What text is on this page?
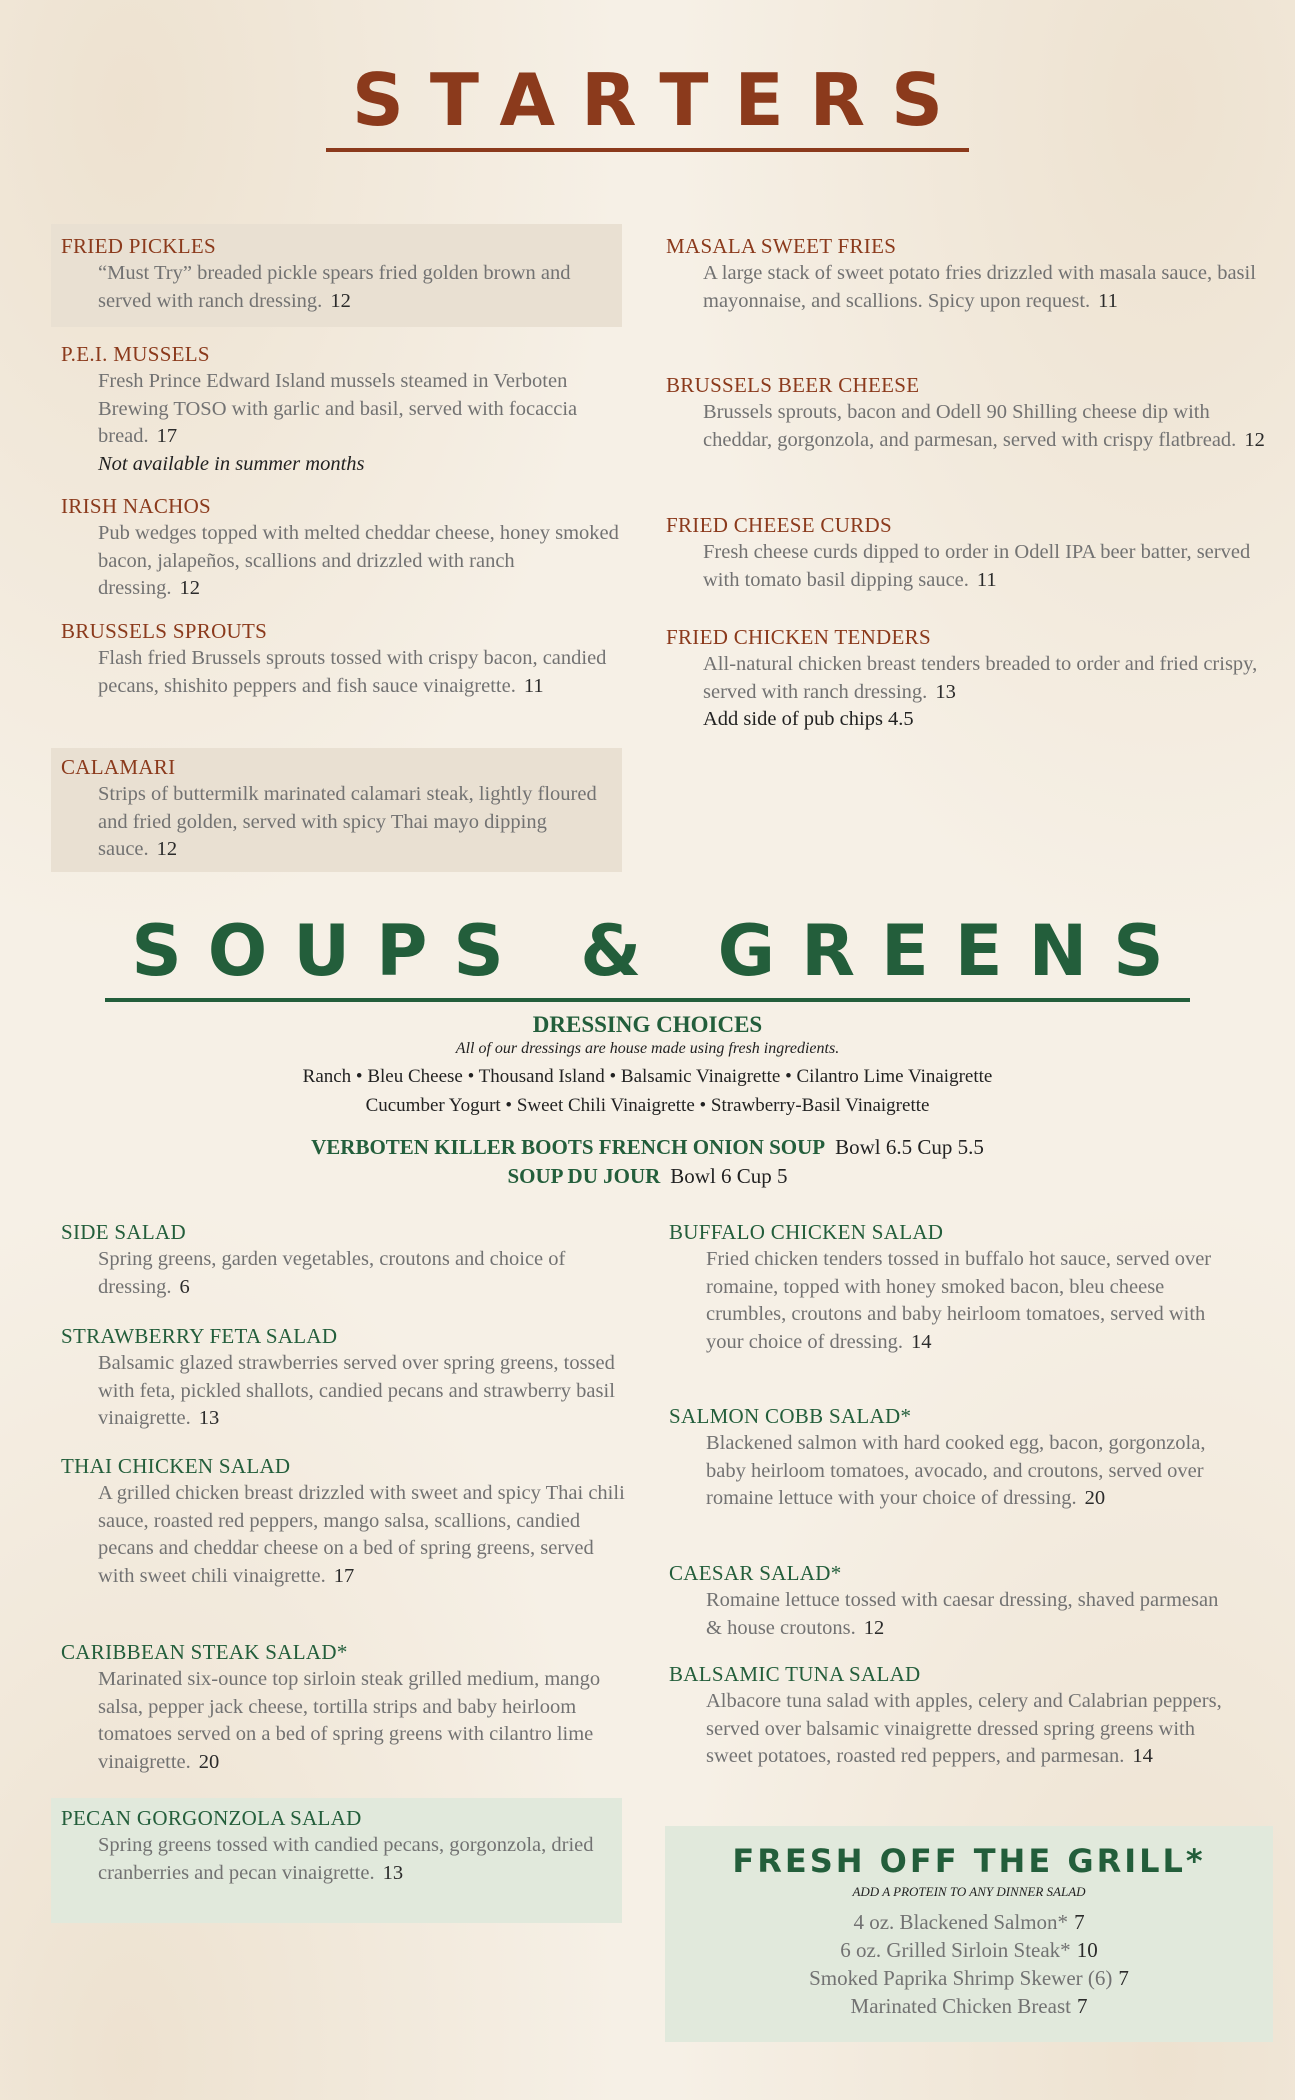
STARTERS
FRIED PICKLES

“Must Try” breaded pickle spears fried golden brown and served with ranch dressing. 12

P.E.I. MUSSELS

Fresh Prince Edward Island mussels steamed in Verboten Brewing TOSO with garlic and basil, served with focaccia bread. 17
Not available in summer months

IRISH NACHOS

Pub wedges topped with melted cheddar cheese, honey smoked bacon, jalapeños, scallions and drizzled with ranch dressing. 12

BRUSSELS SPROUTS

Flash fried Brussels sprouts tossed with crispy bacon, candied pecans, shishito peppers and fish sauce vinaigrette. 11

CALAMARI

Strips of buttermilk marinated calamari steak, lightly floured and fried golden, served with spicy Thai mayo dipping sauce. 12

MASALA SWEET FRIES

A large stack of sweet potato fries drizzled with masala sauce, basil mayonnaise, and scallions. Spicy upon request. 11

BRUSSELS BEER CHEESE

Brussels sprouts, bacon and Odell 90 Shilling cheese dip with cheddar, gorgonzola, and parmesan, served with crispy flatbread. 12

FRIED CHEESE CURDS

Fresh cheese curds dipped to order in Odell IPA beer batter, served with tomato basil dipping sauce. 11

FRIED CHICKEN TENDERS

All-natural chicken breast tenders breaded to order and fried crispy, served with ranch dressing. 13
Add side of pub chips 4.5

SOUPS & GREENS
DRESSING CHOICES

All of our dressings are house made using fresh ingredients.

Ranch • Bleu Cheese • Thousand Island • Balsamic Vinaigrette • Cilantro Lime Vinaigrette

Cucumber Yogurt • Sweet Chili Vinaigrette • Strawberry-Basil Vinaigrette

VERBOTEN KILLER BOOTS FRENCH ONION SOUP Bowl 6.5 Cup 5.5
SOUP DU JOUR Bowl 6 Cup 5
SIDE SALAD

Spring greens, garden vegetables, croutons and choice of dressing. 6

STRAWBERRY FETA SALAD

Balsamic glazed strawberries served over spring greens, tossed with feta, pickled shallots, candied pecans and strawberry basil vinaigrette. 13

THAI CHICKEN SALAD

A grilled chicken breast drizzled with sweet and spicy Thai chili sauce, roasted red peppers, mango salsa, scallions, candied pecans and cheddar cheese on a bed of spring greens, served with sweet chili vinaigrette. 17

CARIBBEAN STEAK SALAD*

Marinated six-ounce top sirloin steak grilled medium, mango salsa, pepper jack cheese, tortilla strips and baby heirloom tomatoes served on a bed of spring greens with cilantro lime vinaigrette. 20

PECAN GORGONZOLA SALAD

Spring greens tossed with candied pecans, gorgonzola, dried cranberries and pecan vinaigrette. 13

BUFFALO CHICKEN SALAD

Fried chicken tenders tossed in buffalo hot sauce, served over romaine, topped with honey smoked bacon, bleu cheese crumbles, croutons and baby heirloom tomatoes, served with your choice of dressing. 14

SALMON COBB SALAD*

Blackened salmon with hard cooked egg, bacon, gorgonzola, baby heirloom tomatoes, avocado, and croutons, served over romaine lettuce with your choice of dressing. 20

CAESAR SALAD*

Romaine lettuce tossed with caesar dressing, shaved parmesan & house croutons. 12

BALSAMIC TUNA SALAD

Albacore tuna salad with apples, celery and Calabrian peppers, served over balsamic vinaigrette dressed spring greens with sweet potatoes, roasted red peppers, and parmesan. 14

FRESH OFF THE GRILL*

ADD A PROTEIN TO ANY DINNER SALAD

4 oz. Blackened Salmon* 7

6 oz. Grilled Sirloin Steak* 10

Smoked Paprika Shrimp Skewer (6) 7

Marinated Chicken Breast 7
